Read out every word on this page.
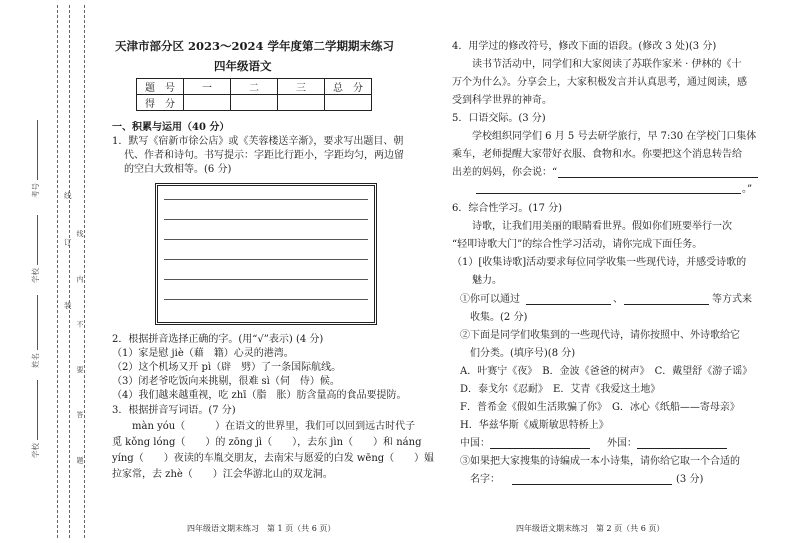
考号
学校
姓名
学校
线
订
装 线 内 不 要 答 题
天津市部分区 2023～2024 学年度第二学期期末练习
四年级语文
题　号	一	二	三	总　分
得　分				
一、积累与运用（40 分）
1．默写《宿新市徐公店》或《芙蓉楼送辛渐》，要求写出题目、朝
代、作者和诗句。书写提示：字距比行距小，字距均匀，两边留
的空白大致相等。(6 分)
2．根据拼音选择正确的字。(用“√”表示) (4 分)
（1）家是慰 jiè（藉　籍）心灵的港湾。
（2）这个机场又开 pì（辟　劈）了一条国际航线。
（3）闭老爷吃饭向来挑剔，很难 sì（伺　侍）候。
（4）我们越来越重视，吃 zhī（脂　胀）肪含量高的食品要提防。
3．根据拼音写词语。(7 分)
　　màn yóu（　　　）在语文的世界里，我们可以回到远古时代子
觅 kǒng lóng（　　）的 zōng jì（　　），去东 jìn（　　）和 náng
yíng（　　）夜读的车胤交朋友，去南宋与愿爱的白发 wēng（　　）媪
拉家常，去 zhè（　　）江会华游北山的双龙洞。
四年级语文期末练习　第 1 页（共 6 页）
4．用学过的修改符号，修改下面的语段。(修改 3 处)(3 分)
　　读书节活动中，同学们和大家阅读了苏联作家米 · 伊林的《十
万个为什么》。分享会上，大家积极发言并认真思考，通过阅读，感
受到科学世界的神奇。
5．口语交际。(3 分)
　　学校组织同学们 6 月 5 号去研学旅行，早 7:30 在学校门口集体
乘车，老师提醒大家带好衣服、食物和水。你要把这个消息转告给
出差的妈妈，你会说：“
。”
6．综合性学习。(17 分)
　　诗歌，让我们用美丽的眼睛看世界。假如你们班要举行一次
“轻叩诗歌大门”的综合性学习活动，请你完成下面任务。
（1）[收集诗歌]活动要求每位同学收集一些现代诗，并感受诗歌的
　　魅力。
①你可以通过	、	等方式来
　收集。(2 分)
②下面是同学们收集到的一些现代诗，请你按照中、外诗歌给它
　们分类。(填序号)(8 分)
A．叶赛宁《夜》　B．金波《爸爸的树声》　C．戴望舒《游子谣》
D．泰戈尔《忍耐》　E．艾青《我爱这土地》
F．普希金《假如生活欺骗了你》　G．冰心《纸船——寄母亲》
H．华兹华斯《威斯敏思特桥上》
中国：	外国：
③如果把大家搜集的诗编成一本小诗集，请你给它取一个合适的
　名字：	(3 分)
四年级语文期末练习　第 2 页（共 6 页）
